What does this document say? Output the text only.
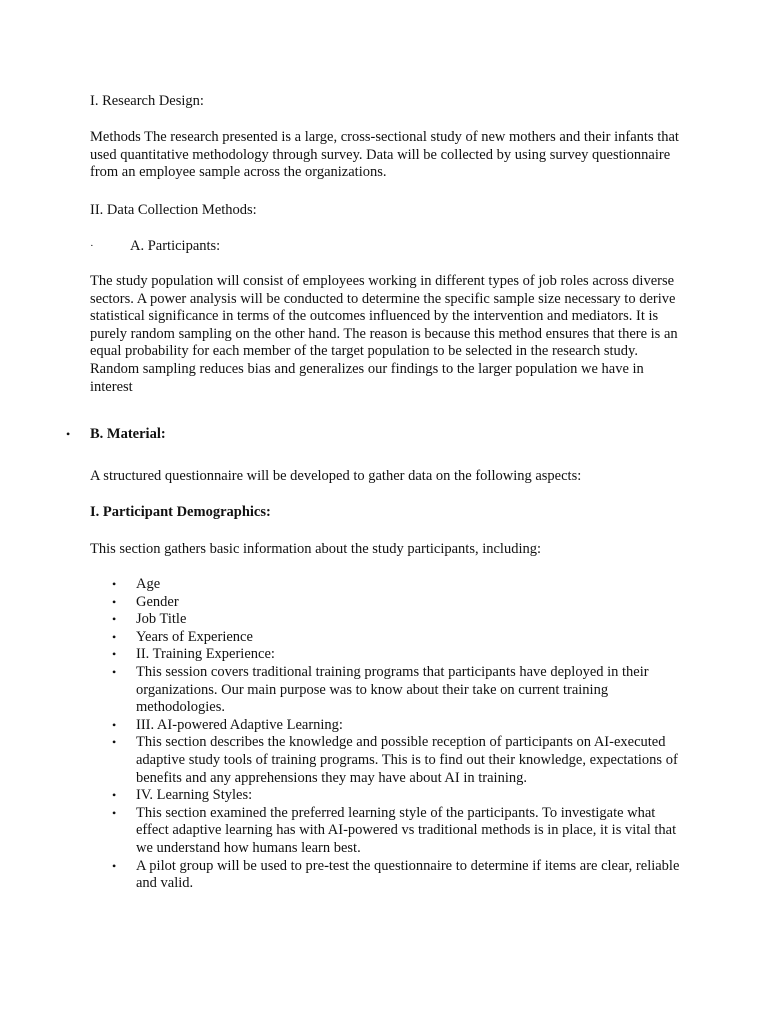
I. Research Design:

Methods The research presented is a large, cross-sectional study of new mothers and their infants that used quantitative methodology through survey. Data will be collected by using survey questionnaire from an employee sample across the organizations.

II. Data Collection Methods:

·	A. Participants:

The study population will consist of employees working in different types of job roles across diverse sectors. A power analysis will be conducted to determine the specific sample size necessary to derive statistical significance in terms of the outcomes influenced by the intervention and mediators. It is purely random sampling on the other hand. The reason is because this method ensures that there is an equal probability for each member of the target population to be selected in the research study. Random sampling reduces bias and generalizes our findings to the larger population we have in interest

• B. Material:

A structured questionnaire will be developed to gather data on the following aspects:

I. Participant Demographics:

This section gathers basic information about the study participants, including:

• Age
• Gender
• Job Title
• Years of Experience
• II. Training Experience:
• This session covers traditional training programs that participants have deployed in their organizations. Our main purpose was to know about their take on current training methodologies.
• III. AI-powered Adaptive Learning:
• This section describes the knowledge and possible reception of participants on AI-executed adaptive study tools of training programs. This is to find out their knowledge, expectations of benefits and any apprehensions they may have about AI in training.
• IV. Learning Styles:
• This section examined the preferred learning style of the participants. To investigate what effect adaptive learning has with AI-powered vs traditional methods is in place, it is vital that we understand how humans learn best.
• A pilot group will be used to pre-test the questionnaire to determine if items are clear, reliable and valid.
